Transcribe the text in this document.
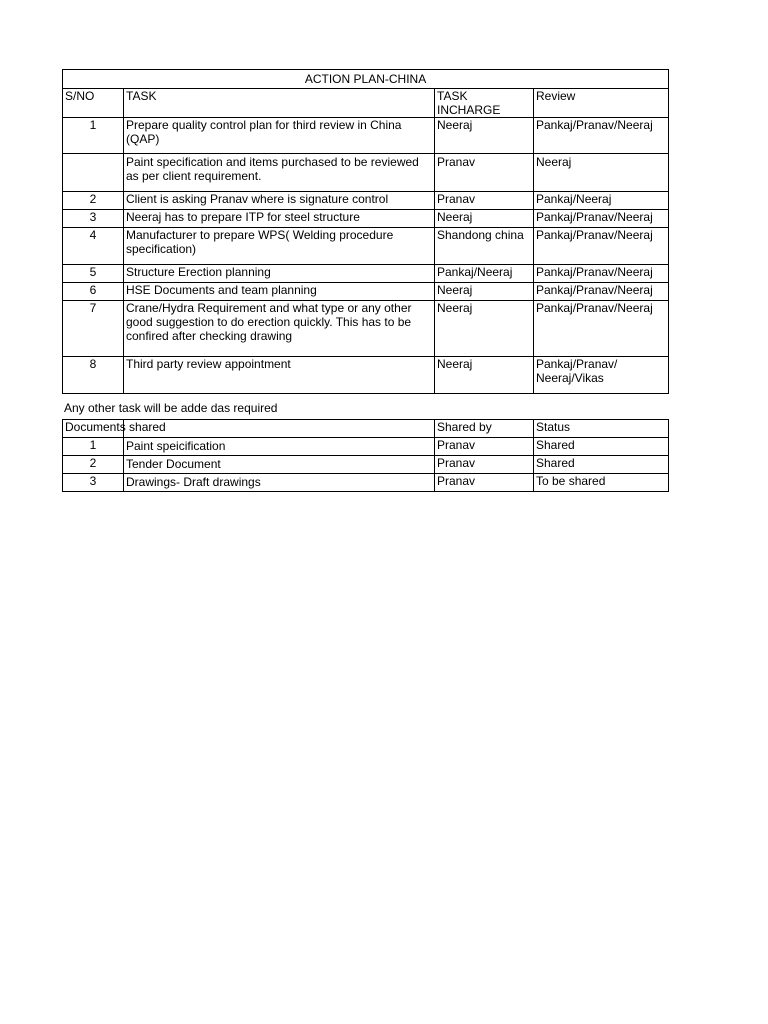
ACTION PLAN-CHINA			
S/NO	TASK	TASK INCHARGE	Review
1	Prepare quality control plan for third review in China (QAP)	Neeraj	Pankaj/Pranav/Neeraj
	Paint specification and items purchased to be reviewed as per client requirement.	Pranav	Neeraj
2	Client is asking Pranav where is signature control	Pranav	Pankaj/Neeraj
3	Neeraj has to prepare ITP for steel structure	Neeraj	Pankaj/Pranav/Neeraj
4	Manufacturer to prepare WPS( Welding procedure specification)	Shandong china	Pankaj/Pranav/Neeraj
5	Structure Erection planning	Pankaj/Neeraj	Pankaj/Pranav/Neeraj
6	HSE Documents and team planning	Neeraj	Pankaj/Pranav/Neeraj
7	Crane/Hydra Requirement and what type or any other good suggestion to do erection quickly. This has to be confired after checking drawing	Neeraj	Pankaj/Pranav/Neeraj
8	Third party review appointment	Neeraj	Pankaj/Pranav/ Neeraj/Vikas
Any other task will be adde das required
Documents shared		Shared by	Status
1	Paint speicification	Pranav	Shared
2	Tender Document	Pranav	Shared
3	Drawings- Draft drawings	Pranav	To be shared
